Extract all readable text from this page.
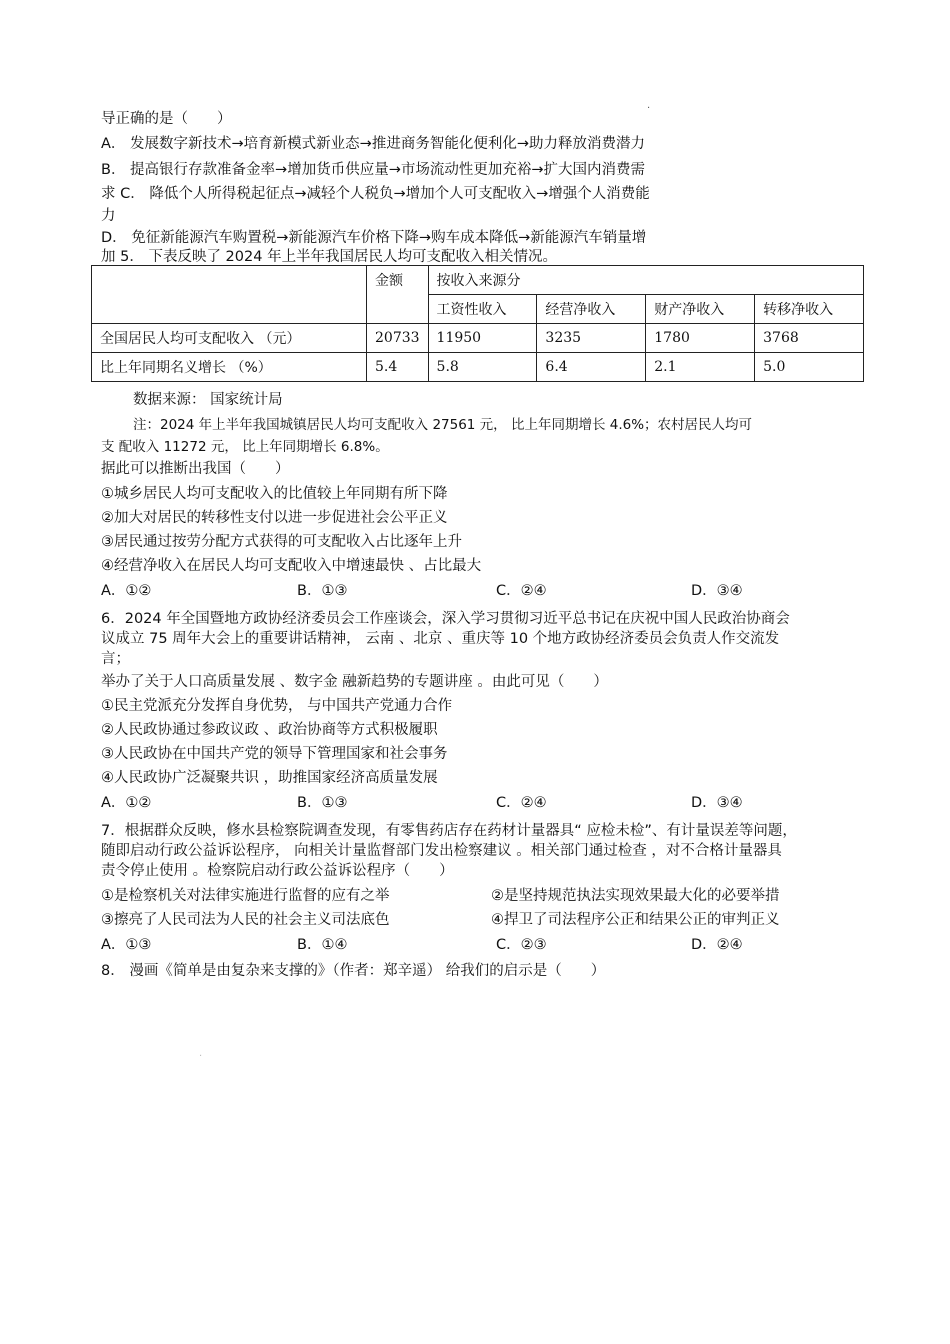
.
导正确的是（　　）
A． 发展数字新技术→培育新模式新业态→推进商务智能化便利化→助力释放消费潜力
B． 提高银行存款准备金率→增加货币供应量→市场流动性更加充裕→扩大国内消费需
求 C． 降低个人所得税起征点→减轻个人税负→增加个人可支配收入→增强个人消费能
力
D． 免征新能源汽车购置税→新能源汽车价格下降→购车成本降低→新能源汽车销量增
加 5． 下表反映了 2024 年上半年我国居民人均可支配收入相关情况。
	金额	按收入来源分			
		工资性收入	经营净收入	财产净收入	转移净收入
全国居民人均可支配收入 （元）	20733	11950	3235	1780	3768
比上年同期名义增长 （%）	5.4	5.8	6.4	2.1	5.0
数据来源： 国家统计局
注：2024 年上半年我国城镇居民人均可支配收入 27561 元， 比上年同期增长 4.6%；农村居民人均可
支 配收入 11272 元， 比上年同期增长 6.8%。
据此可以推断出我国（　　）
①城乡居民人均可支配收入的比值较上年同期有所下降
②加大对居民的转移性支付以进一步促进社会公平正义
③居民通过按劳分配方式获得的可支配收入占比逐年上升
④经营净收入在居民人均可支配收入中增速最快 、占比最大
A．①②	B．①③	C．②④	D．③④
6．2024 年全国暨地方政协经济委员会工作座谈会，深入学习贯彻习近平总书记在庆祝中国人民政治协商会
议成立 75 周年大会上的重要讲话精神， 云南 、北京 、重庆等 10 个地方政协经济委员会负责人作交流发
言；
举办了关于人口高质量发展 、数字金 融新趋势的专题讲座 。由此可见（　　）
①民主党派充分发挥自身优势， 与中国共产党通力合作
②人民政协通过参政议政 、政治协商等方式积极履职
③人民政协在中国共产党的领导下管理国家和社会事务
④人民政协广泛凝聚共识 ，助推国家经济高质量发展
A．①②	B．①③	C．②④	D．③④
7．根据群众反映，修水县检察院调查发现，有零售药店存在药材计量器具“ 应检未检”、有计量误差等问题，
随即启动行政公益诉讼程序， 向相关计量监督部门发出检察建议 。相关部门通过检查 ，对不合格计量器具
责令停止使用 。检察院启动行政公益诉讼程序（　　）
①是检察机关对法律实施进行监督的应有之举	②是坚持规范执法实现效果最大化的必要举措
③擦亮了人民司法为人民的社会主义司法底色	④捍卫了司法程序公正和结果公正的审判正义
A．①③	B．①④	C．②③	D．②④
8． 漫画《简单是由复杂来支撑的》（作者：郑辛遥） 给我们的启示是（　　）
.
